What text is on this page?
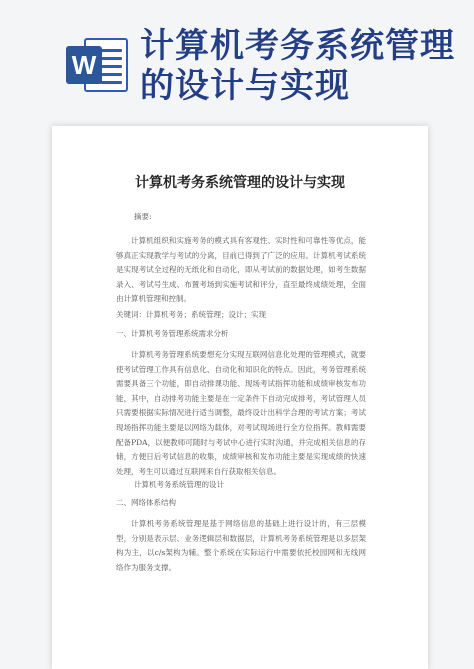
W 计算机考务系统管理的设计与实现
计算机考务系统管理的设计与实现
摘要:

计算机组织和实施考务的模式具有客观性、实时性和可靠性等优点，能够真正实现教学与考试的分离，目前已得到了广泛的应用。计算机考试系统是实现考试全过程的无纸化和自动化，即从考试前的数据处理，如考生数据录入、考试号生成、布置考场到实施考试和评分，直至最终成绩处理，全面由计算机管理和控制。

关键词：计算机考务；系统管理；设计；实现
一、计算机考务管理系统需求分析

计算机考务管理系统要想充分实现互联网信息化处理的管理模式，就要使考试管理工作具有信息化、自动化和知识化的特点。因此，考务管理系统需要具备三个功能，即自动排课功能、现场考试指挥功能和成绩审核发布功能，其中，自动排考功能主要是在一定条件下自动完成排考，考试管理人员只需要根据实际情况进行适当调整，最终设计出科学合理的考试方案；考试现场指挥功能主要是以网络为载体，对考试现场进行全方位指挥。教师需要配备PDA，以便教师可随时与考试中心进行实时沟通，并完成相关信息的存储，方便日后考试信息的收集，成绩审核和发布功能主要是实现成绩的快速处理，考生可以通过互联网来自行获取相关信息。

计算机考务系统管理的设计
二、网络体系结构

计算机考务系统管理是基于网络信息的基础上进行设计的，有三层模型，分别是表示层、业务逻辑层和数据层，计算机考务系统管理是以多层架构为主，以c/s架构为辅。整个系统在实际运行中需要依托校园网和无线网络作为服务支撑。
